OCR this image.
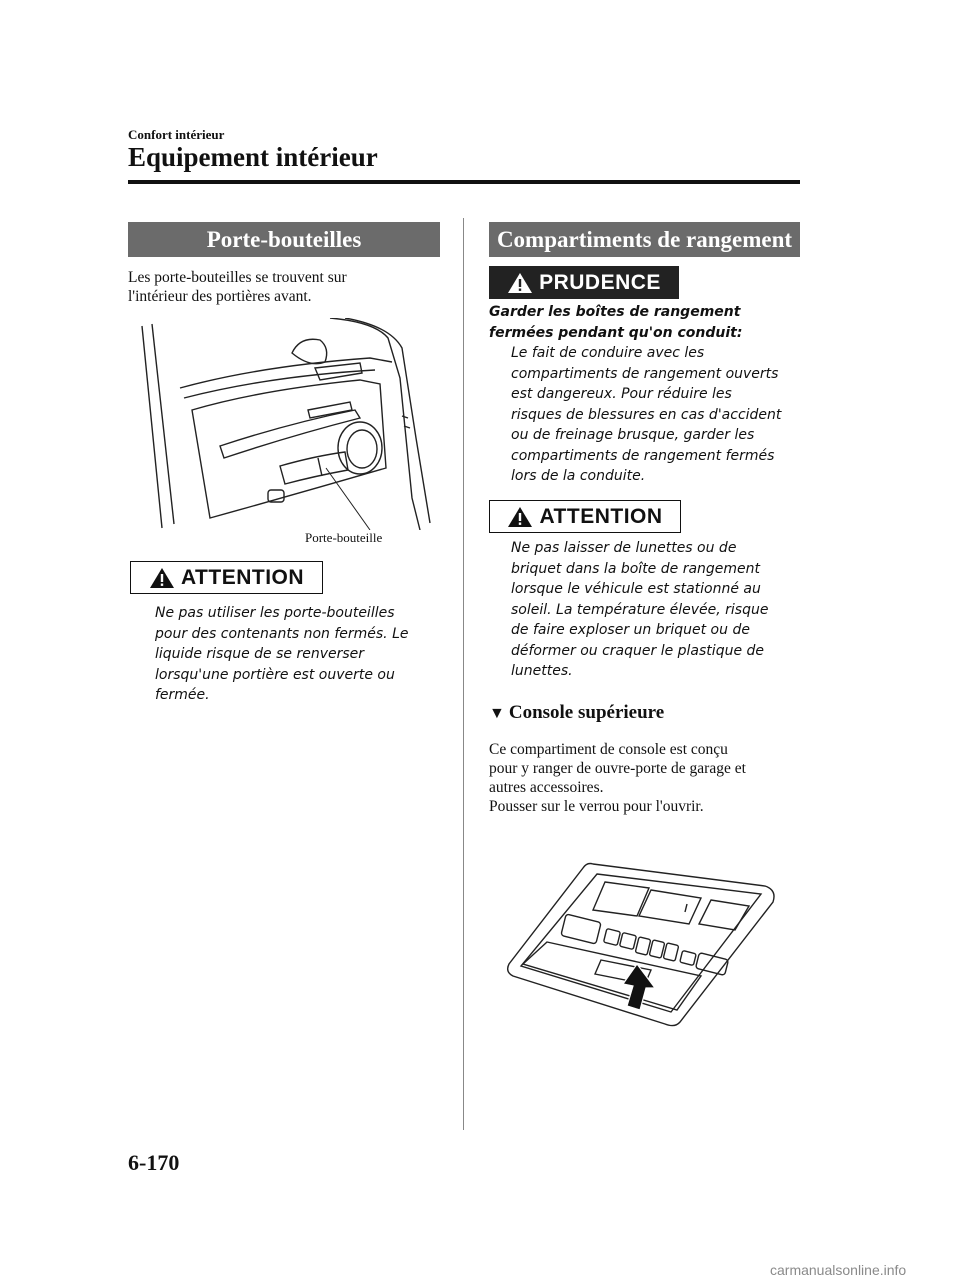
Confort intérieur
Equipement intérieur
Porte-bouteilles
Les porte-bouteilles se trouvent sur
l'intérieur des portières avant.
Porte-bouteille
ATTENTION
Ne pas utiliser les porte-bouteilles
pour des contenants non fermés. Le
liquide risque de se renverser
lorsqu'une portière est ouverte ou
fermée.
Compartiments de rangement
PRUDENCE
Garder les boîtes de rangement
fermées pendant qu'on conduit:
Le fait de conduire avec les
compartiments de rangement ouverts
est dangereux. Pour réduire les
risques de blessures en cas d'accident
ou de freinage brusque, garder les
compartiments de rangement fermés
lors de la conduite.
ATTENTION
Ne pas laisser de lunettes ou de
briquet dans la boîte de rangement
lorsque le véhicule est stationné au
soleil. La température élevée, risque
de faire exploser un briquet ou de
déformer ou craquer le plastique de
lunettes.
▼ Console supérieure
Ce compartiment de console est conçu
pour y ranger de ouvre-porte de garage et
autres accessoires.
Pousser sur le verrou pour l'ouvrir.
6-170
carmanualsonline.info
